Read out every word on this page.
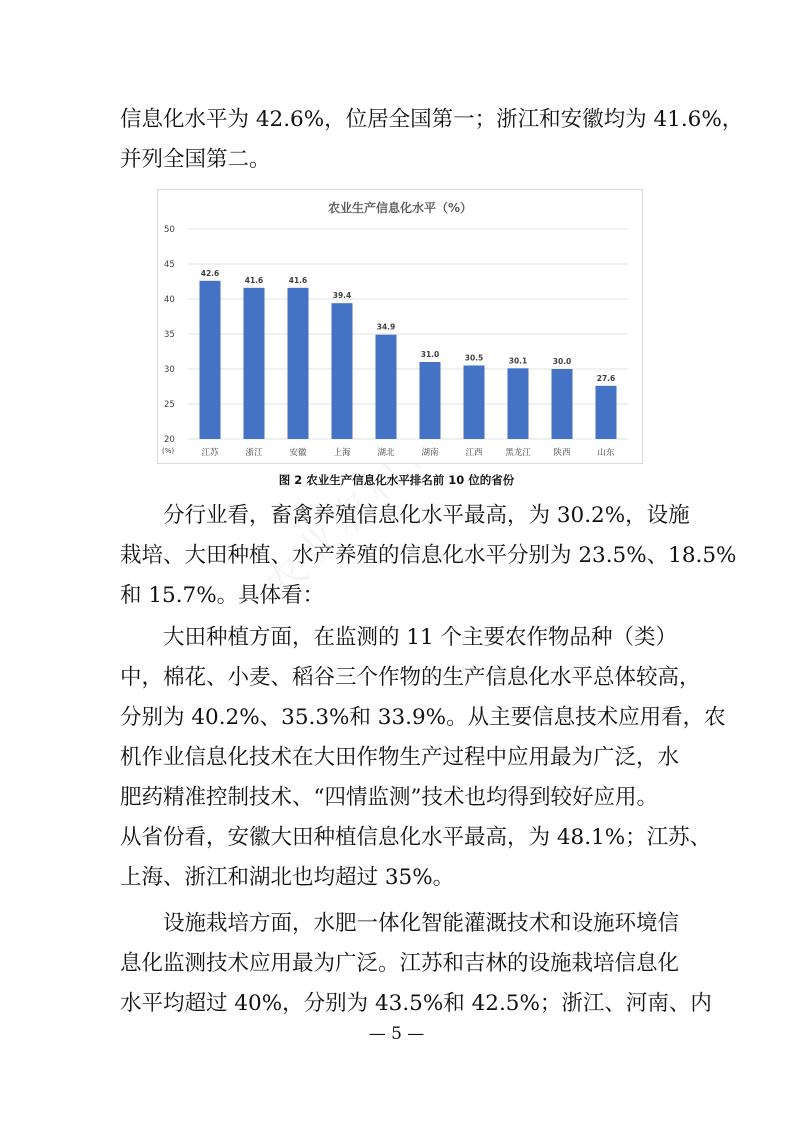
信息化水平为 42.6%，位居全国第一；浙江和安徽均为 41.6%，
并列全国第二。

农业生产信息化水平（%）
20
25
30
35
40
45
50
(%)
42.6
江苏
41.6
浙江
41.6
安徽
39.4
上海
34.9
湖北
31.0
湖南
30.5
江西
30.1
黑龙江
30.0
陕西
27.6
山东
图 2 农业生产信息化水平排名前 10 位的省份

　　分行业看，畜禽养殖信息化水平最高，为 30.2%，设施
栽培、大田种植、水产养殖的信息化水平分别为 23.5%、18.5%
和 15.7%。具体看：

　　大田种植方面，在监测的 11 个主要农作物品种（类）
中，棉花、小麦、稻谷三个作物的生产信息化水平总体较高，
分别为 40.2%、35.3%和 33.9%。从主要信息技术应用看，农
机作业信息化技术在大田作物生产过程中应用最为广泛，水
肥药精准控制技术、“四情监测”技术也均得到较好应用。
从省份看，安徽大田种植信息化水平最高，为 48.1%；江苏、
上海、浙江和湖北也均超过 35%。

　　设施栽培方面，水肥一体化智能灌溉技术和设施环境信
息化监测技术应用最为广泛。江苏和吉林的设施栽培信息化
水平均超过 40%，分别为 43.5%和 42.5%；浙江、河南、内

— 5 —
